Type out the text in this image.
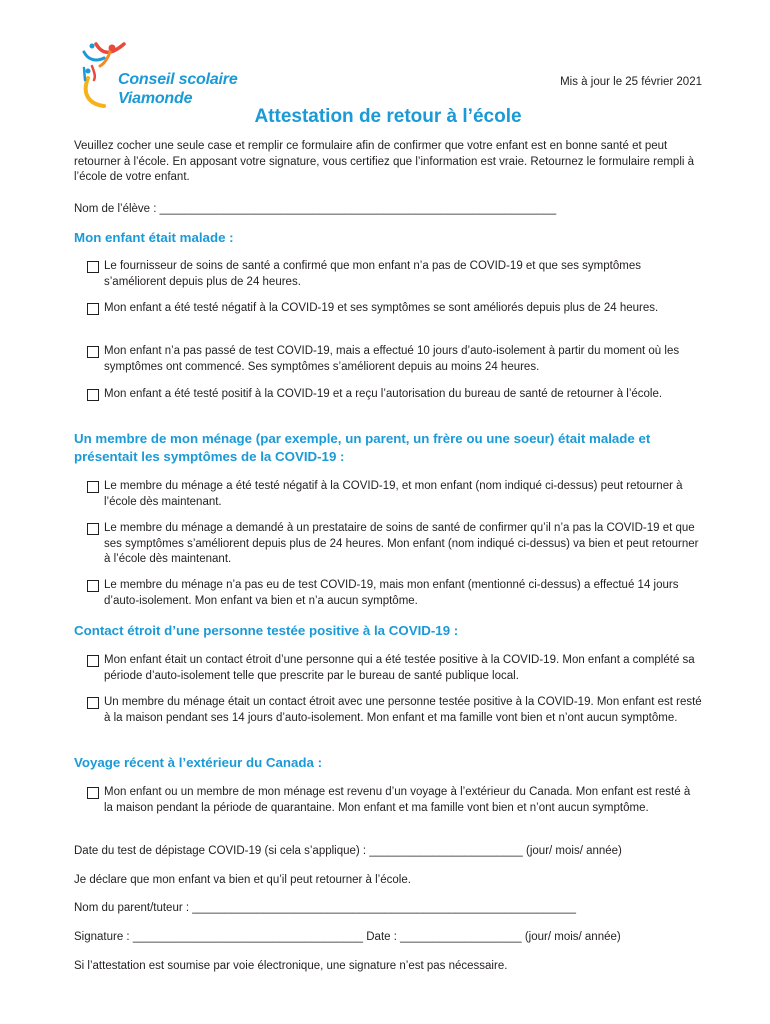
Conseil scolaire
Viamonde
Mis à jour le 25 février 2021
Attestation de retour à l’école
Veuillez cocher une seule case et remplir ce formulaire afin de confirmer que votre enfant est en bonne santé et peut retourner à l’école. En apposant votre signature, vous certifiez que l’information est vraie. Retournez le formulaire rempli à l’école de votre enfant.
Nom de l’élève : ______________________________________________________________
Mon enfant était malade :
Le fournisseur de soins de santé a confirmé que mon enfant n’a pas de COVID-19 et que ses symptômes s’améliorent depuis plus de 24 heures.
Mon enfant a été testé négatif à la COVID-19 et ses symptômes se sont améliorés depuis plus de 24 heures.
Mon enfant n’a pas passé de test COVID-19, mais a effectué 10 jours d’auto-isolement à partir du moment où les symptômes ont commencé. Ses symptômes s’améliorent depuis au moins 24 heures.
Mon enfant a été testé positif à la COVID-19 et a reçu l’autorisation du bureau de santé de retourner à l’école.
Un membre de mon ménage (par exemple, un parent, un frère ou une soeur) était malade et présentait les symptômes de la COVID-19 :
Le membre du ménage a été testé négatif à la COVID-19, et mon enfant (nom indiqué ci-dessus) peut retourner à l’école dès maintenant.
Le membre du ménage a demandé à un prestataire de soins de santé de confirmer qu’il n’a pas la COVID-19 et que ses symptômes s’améliorent depuis plus de 24 heures. Mon enfant (nom indiqué ci-dessus) va bien et peut retourner à l’école dès maintenant.
Le membre du ménage n’a pas eu de test COVID-19, mais mon enfant (mentionné ci-dessus) a effectué 14 jours d’auto-isolement. Mon enfant va bien et n’a aucun symptôme.
Contact étroit d’une personne testée positive à la COVID-19 :
Mon enfant était un contact étroit d’une personne qui a été testée positive à la COVID-19. Mon enfant a complété sa période d’auto-isolement telle que prescrite par le bureau de santé publique local.
Un membre du ménage était un contact étroit avec une personne testée positive à la COVID-19. Mon enfant est resté à la maison pendant ses 14 jours d’auto-isolement. Mon enfant et ma famille vont bien et n’ont aucun symptôme.
Voyage récent à l’extérieur du Canada :
Mon enfant ou un membre de mon ménage est revenu d’un voyage à l’extérieur du Canada. Mon enfant est resté à la maison pendant la période de quarantaine. Mon enfant et ma famille vont bien et n’ont aucun symptôme.
Date du test de dépistage COVID-19 (si cela s’applique) : ________________________ (jour/ mois/ année)
Je déclare que mon enfant va bien et qu’il peut retourner à l’école.
Nom du parent/tuteur : ____________________________________________________________
Signature : ____________________________________ Date : ___________________ (jour/ mois/ année)
Si l’attestation est soumise par voie électronique, une signature n’est pas nécessaire.
